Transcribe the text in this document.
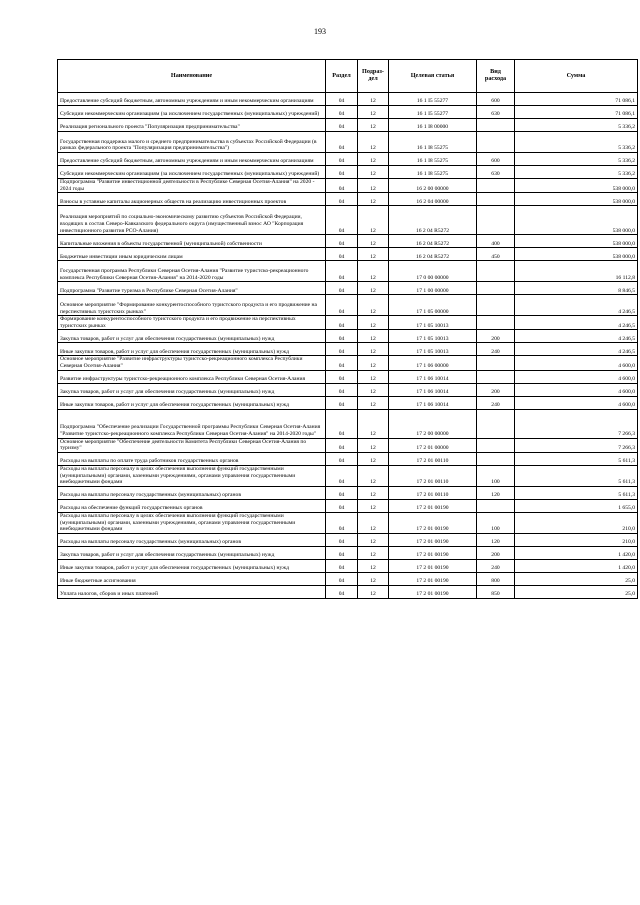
193
Наименование	Раздел	Подраз-дел	Целевая статья	Вид расхода	Сумма
Предоставление субсидий бюджетным, автономным учреждениям и иным некоммерческим организациям	04	12	16 1 I5 55277	600	71 086,1
Субсидии некоммерческим организациям (за исключением государственных (муниципальных) учреждений)	04	12	16 1 I5 55277	630	71 086,1
Реализация регионального проекта "Популяризация предпринимательства"	04	12	16 1 I8 00000		5 336,2
Государственная поддержка малого и среднего предпринимательства в субъектах Российской Федерации (в рамках федерального проекта "Популяризация предпринимательства")	04	12	16 1 I8 55275		5 336,2
Предоставление субсидий бюджетным, автономным учреждениям и иным некоммерческим организациям	04	12	16 1 I8 55275	600	5 336,2
Субсидии некоммерческим организациям (за исключением государственных (муниципальных) учреждений)	04	12	16 1 I8 55275	630	5 336,2
Подпрограмма "Развитие инвестиционной деятельности в Республике Северная Осетия-Алания" на 2020 - 2024 годы	04	12	16 2 00 00000		538 000,0
Взносы в уставные капиталы акционерных обществ на реализацию инвестиционных проектов	04	12	16 2 04 00000		538 000,0
Реализация мероприятий по социально-экономическому развитию субъектов Российской Федерации, входящих в состав Северо-Кавказского федерального округа (имущественный взнос АО "Корпорация инвестиционного развития РСО-Алания)	04	12	16 2 04 R5272		538 000,0
Капитальные вложения в объекты государственной (муниципальной) собственности	04	12	16 2 04 R5272	400	538 000,0
Бюджетные инвестиции иным юридическим лицам	04	12	16 2 04 R5272	450	538 000,0
Государственная программа Республики Северная Осетия-Алания "Развитие туристско-рекреационного комплекса Республики Северная Осетия-Алания" на 2014-2020 годы	04	12	17 0 00 00000		16 112,8
Подпрограмма "Развитие туризма в Республике Северная Осетия-Алания"	04	12	17 1 00 00000		8 846,5
Основное мероприятие "Формирование конкурентоспособного туристского продукта и его продвижение на перспективных туристских рынках"	04	12	17 1 05 00000		4 246,5
Формирование конкурентоспособного туристского продукта и его продвижение на перспективных туристских рынках	04	12	17 1 05 10013		4 246,5
Закупка товаров, работ и услуг для обеспечения государственных (муниципальных) нужд	04	12	17 1 05 10013	200	4 246,5
Иные закупки товаров, работ и услуг для обеспечения государственных (муниципальных) нужд	04	12	17 1 05 10013	240	4 246,5
Основное мероприятие "Развитие инфраструктуры туристско-рекреационного комплекса Республики Северная Осетия-Алания"	04	12	17 1 06 00000		4 600,0
Развитие инфраструктуры туристско-рекреационного комплекса Республики Северная Осетия-Алания	04	12	17 1 06 10014		4 600,0
Закупка товаров, работ и услуг для обеспечения государственных (муниципальных) нужд	04	12	17 1 06 10014	200	4 600,0
Иные закупки товаров, работ и услуг для обеспечения государственных (муниципальных) нужд	04	12	17 1 06 10014	240	4 600,0
Подпрограмма "Обеспечение реализации Государственной программы Республики Северная Осетия-Алания "Развитие туристско-рекреационного комплекса Республики Северная Осетия-Алания" на 2014-2020 годы"	04	12	17 2 00 00000		7 266,3
Основное мероприятие "Обеспечение деятельности Комитета Республики Северная Осетия-Алания по туризму"	04	12	17 2 01 00000		7 266,3
Расходы на выплаты по оплате труда работников государственных органов	04	12	17 2 01 00110		5 611,3
Расходы на выплаты персоналу в целях обеспечения выполнения функций государственными (муниципальными) органами, казенными учреждениями, органами управления государственными внебюджетными фондами	04	12	17 2 01 00110	100	5 611,3
Расходы на выплаты персоналу государственных (муниципальных) органов	04	12	17 2 01 00110	120	5 611,3
Расходы на обеспечение функций государственных органов	04	12	17 2 01 00190		1 655,0
Расходы на выплаты персоналу в целях обеспечения выполнения функций государственными (муниципальными) органами, казенными учреждениями, органами управления государственными внебюджетными фондами	04	12	17 2 01 00190	100	210,0
Расходы на выплаты персоналу государственных (муниципальных) органов	04	12	17 2 01 00190	120	210,0
Закупка товаров, работ и услуг для обеспечения государственных (муниципальных) нужд	04	12	17 2 01 00190	200	1 420,0
Иные закупки товаров, работ и услуг для обеспечения государственных (муниципальных) нужд	04	12	17 2 01 00190	240	1 420,0
Иные бюджетные ассигнования	04	12	17 2 01 00190	800	25,0
Уплата налогов, сборов и иных платежей	04	12	17 2 01 00190	850	25,0
